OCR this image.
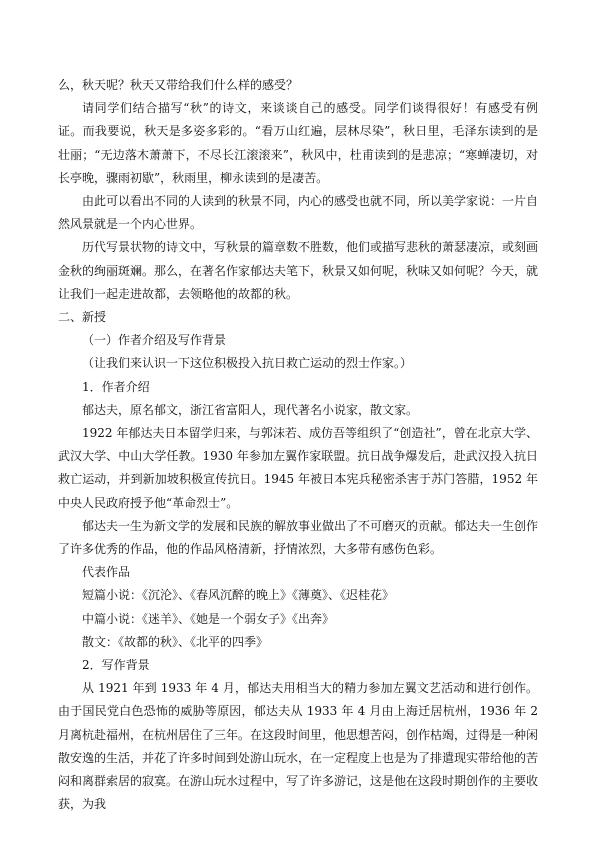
么，秋天呢？秋天又带给我们什么样的感受？

请同学们结合描写“秋”的诗文，来谈谈自己的感受。同学们谈得很好！有感受有例证。而我要说，秋天是多姿多彩的。“看万山红遍，层林尽染”，秋日里，毛泽东读到的是壮丽；“无边落木萧萧下，不尽长江滚滚来”，秋风中，杜甫读到的是悲凉；“寒蝉凄切，对长亭晚，骤雨初歇”，秋雨里，柳永读到的是凄苦。

由此可以看出不同的人读到的秋景不同，内心的感受也就不同，所以美学家说：一片自然风景就是一个内心世界。

历代写景状物的诗文中，写秋景的篇章数不胜数，他们或描写悲秋的萧瑟凄凉，或刻画金秋的绚丽斑斓。那么，在著名作家郁达夫笔下，秋景又如何呢，秋味又如何呢？今天，就让我们一起走进故都，去领略他的故都的秋。

二、新授

（一）作者介绍及写作背景

（让我们来认识一下这位积极投入抗日救亡运动的烈士作家。）

1．作者介绍

郁达夫，原名郁文，浙江省富阳人，现代著名小说家，散文家。

1922 年郁达夫日本留学归来，与郭沫若、成仿吾等组织了“创造社”，曾在北京大学、武汉大学、中山大学任教。1930 年参加左翼作家联盟。抗日战争爆发后，赴武汉投入抗日救亡运动，并到新加坡积极宣传抗日。1945 年被日本宪兵秘密杀害于苏门答腊，1952 年中央人民政府授予他“革命烈士”。

郁达夫一生为新文学的发展和民族的解放事业做出了不可磨灭的贡献。郁达夫一生创作了许多优秀的作品，他的作品风格清新，抒情浓烈，大多带有感伤色彩。

代表作品

短篇小说：《沉沦》、《春风沉醉的晚上》《薄奠》、《迟桂花》

中篇小说：《迷羊》、《她是一个弱女子》《出奔》

散文：《故都的秋》、《北平的四季》

2．写作背景

从 1921 年到 1933 年 4 月，郁达夫用相当大的精力参加左翼文艺活动和进行创作。由于国民党白色恐怖的威胁等原因，郁达夫从 1933 年 4 月由上海迁居杭州，1936 年 2 月离杭赴福州，在杭州居住了三年。在这段时间里，他思想苦闷，创作枯竭，过得是一种闲散安逸的生活，并花了许多时间到处游山玩水，在一定程度上也是为了排遣现实带给他的苦闷和离群索居的寂寞。在游山玩水过程中，写了许多游记，这是他在这段时期创作的主要收获，为我
